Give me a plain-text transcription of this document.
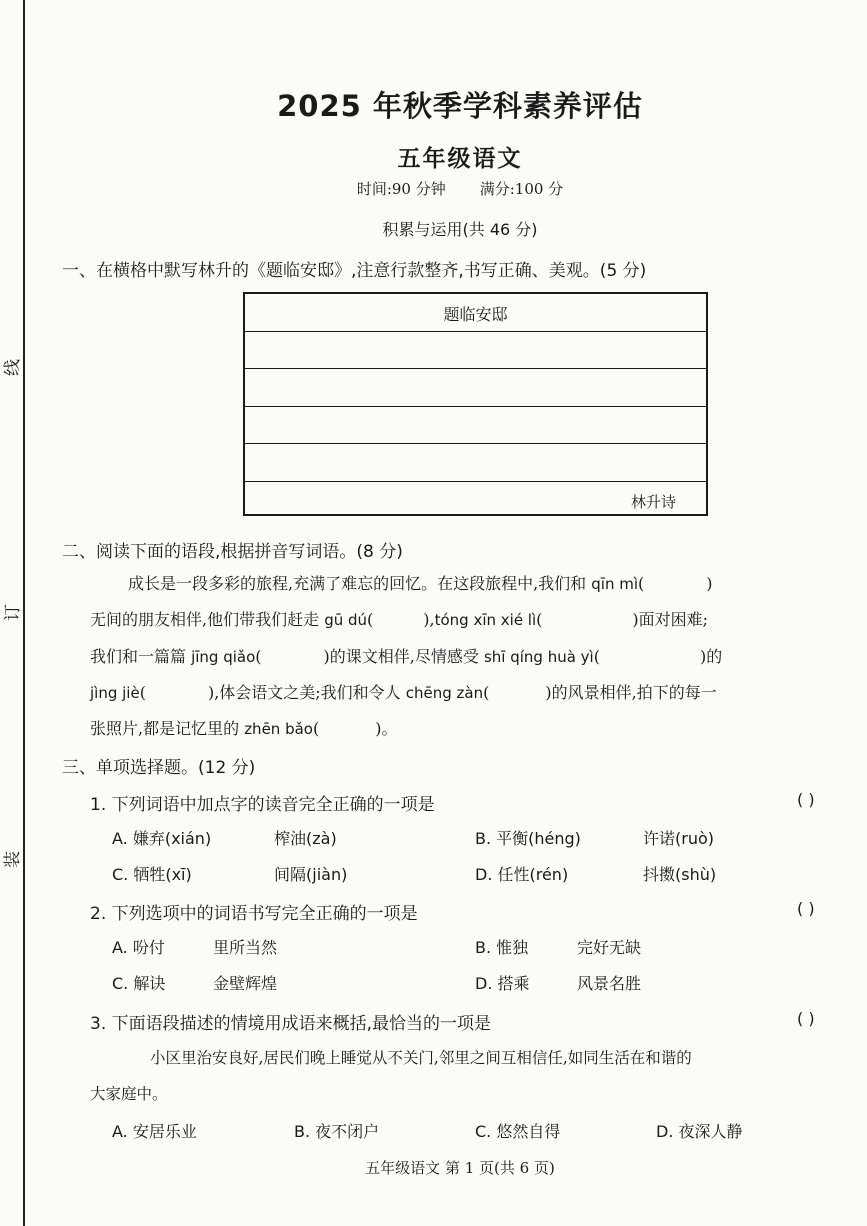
线
订
装
2025 年秋季学科素养评估
五年级语文
时间:90 分钟 满分:100 分
积累与运用(共 46 分)
一、在横格中默写林升的《题临安邸》,注意行款整齐,书写正确、美观。(5 分)
题临安邸
林升诗
二、阅读下面的语段,根据拼音写词语。(8 分)
成长是一段多彩的旅程,充满了难忘的回忆。在这段旅程中,我们和 qīn mì(	)
无间的朋友相伴,他们带我们赶走 gū dú(	),tóng xīn xié lì(	)面对困难;
我们和一篇篇 jīng qiǎo(	)的课文相伴,尽情感受 shī qíng huà yì(	)的
jìng jiè(	),体会语文之美;我们和令人 chēng zàn(	)的风景相伴,拍下的每一
张照片,都是记忆里的 zhēn bǎo(	)。
三、单项选择题。(12 分)
1. 下列词语中加点字的读音完全正确的一项是	( )
A. 嫌弃(xián)	榨油(zà)	B. 平衡(héng)	许诺(ruò)
C. 牺牲(xī)	间隔(jiàn)	D. 任性(rén)	抖擞(shù)
2. 下列选项中的词语书写完全正确的一项是	( )
A. 吩付	里所当然	B. 惟独	完好无缺
C. 解诀	金壁辉煌	D. 搭乘	风景名胜
3. 下面语段描述的情境用成语来概括,最恰当的一项是	( )
小区里治安良好,居民们晚上睡觉从不关门,邻里之间互相信任,如同生活在和谐的
大家庭中。
A. 安居乐业	B. 夜不闭户	C. 悠然自得	D. 夜深人静
五年级语文 第 1 页(共 6 页)
